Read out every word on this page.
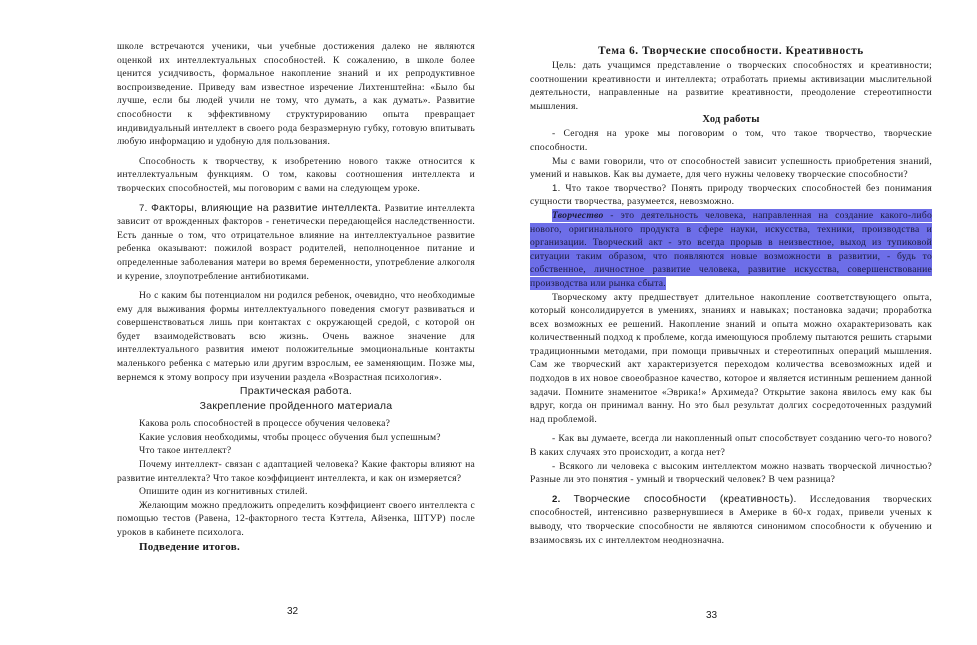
школе встречаются ученики, чьи учебные достижения далеко не являются оценкой их интеллектуальных способностей. К сожалению, в школе более ценится усидчивость, формальное накопление знаний и их репродуктивное воспроизведение. Приведу вам известное изречение Лихтенштейна: «Было бы лучше, если бы людей учили не тому, что думать, а как думать». Развитие способности к эффективному структурированию опыта превращает индивидуальный интеллект в своего рода безразмерную губку, готовую впитывать любую информацию и удобную для пользования.

Способность к творчеству, к изобретению нового также относится к интеллектуальным функциям. О том, каковы соотношения интеллекта и творческих способностей, мы поговорим с вами на следующем уроке.

7. Факторы, влияющие на развитие интеллекта. Развитие интеллекта зависит от врожденных факторов - генетически передающейся наследственности. Есть данные о том, что отрицательное влияние на интеллектуальное развитие ребенка оказывают: пожилой возраст родителей, неполноценное питание и определенные заболевания матери во время беременности, употребление алкоголя и курение, злоупотребление антибиотиками.

Но с каким бы потенциалом ни родился ребенок, очевидно, что необходимые ему для выживания формы интеллектуального поведения смогут развиваться и совершенствоваться лишь при контактах с окружающей средой, с которой он будет взаимодействовать всю жизнь. Очень важное значение для интеллектуального развития имеют положительные эмоциональные контакты маленького ребенка с матерью или другим взрослым, ее заменяющим. Позже мы, вернемся к этому вопросу при изучении раздела «Возрастная психология».

Практическая работа.

Закрепление пройденного материала

Какова роль способностей в процессе обучения человека?

Какие условия необходимы, чтобы процесс обучения был успешным?

Что такое интеллект?

Почему интеллект- связан с адаптацией человека? Какие факторы влияют на развитие интеллекта? Что такое коэффициент интеллекта, и как он измеряется?

Опишите один из когнитивных стилей.

Желающим можно предложить определить коэффициент своего интеллекта с помощью тестов (Равена, 12-факторного теста Кэттела, Айзенка, ШТУР) после уроков в кабинете психолога.

Подведение итогов.

32

Тема 6. Творческие способности. Креативность

Цель: дать учащимся представление о творческих способностях и креативности; соотношении креативности и интеллекта; отработать приемы активизации мыслительной деятельности, направленные на развитие креативности, преодоление стереотипности мышления.

Ход работы

- Сегодня на уроке мы поговорим о том, что такое творчество, творческие способности.

Мы с вами говорили, что от способностей зависит успешность приобретения знаний, умений и навыков. Как вы думаете, для чего нужны человеку творческие способности?

1. Что такое творчество? Понять природу творческих способностей без понимания сущности творчества, разумеется, невозможно.

Творчество - это деятельность человека, направленная на создание какого-либо нового, оригинального продукта в сфере науки, искусства, техники, производства и организации. Творческий акт - это всегда прорыв в неизвестное, выход из тупиковой ситуации таким образом, что появляются новые возможности в развитии, - будь то собственное, личностное развитие человека, развитие искусства, совершенствование производства или рынка сбыта.

Творческому акту предшествует длительное накопление соответствующего опыта, который консолидируется в умениях, знаниях и навыках; постановка задачи; проработка всех возможных ее решений. Накопление знаний и опыта можно охарактеризовать как количественный подход к проблеме, когда имеющуюся проблему пытаются решить старыми традиционными методами, при помощи привычных и стереотипных операций мышления. Сам же творческий акт характеризуется переходом количества всевозможных идей и подходов в их новое своеобразное качество, которое и является истинным решением данной задачи. Помните знаменитое «Эврика!» Архимеда? Открытие закона явилось ему как бы вдруг, когда он принимал ванну. Но это был результат долгих сосредоточенных раздумий над проблемой.

- Как вы думаете, всегда ли накопленный опыт способствует созданию чего-то нового? В каких случаях это происходит, а когда нет?

- Всякого ли человека с высоким интеллектом можно назвать творческой личностью? Разные ли это понятия - умный и творческий человек? В чем разница?

2. Творческие способности (креативность). Исследования творческих способностей, интенсивно развернувшиеся в Америке в 60-х годах, привели ученых к выводу, что творческие способности не являются синонимом способности к обучению и взаимосвязь их с интеллектом неоднозначна.

33
